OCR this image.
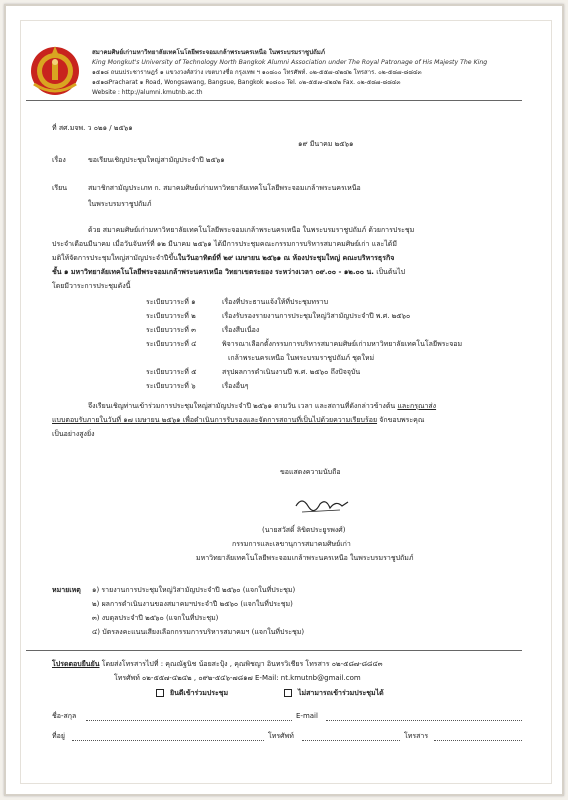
สมาคมศิษย์เก่ามหาวิทยาลัยเทคโนโลยีพระจอมเกล้าพระนครเหนือ ในพระบรมราชูปถัมภ์
King Mongkut's University of Technology North Bangkok Alumni Association under The Royal Patronage of His Majesty The King
๑๕๑๘ ถนนประชาราษฎร์ ๑ แขวงวงศ์สว่าง เขตบางซื่อ กรุงเทพ ฯ ๑๐๘๐๐ โทรศัพท์. ๐๒-๕๕๗-๔๒๔๒ โทรสาร. ๐๒-๕๘๗-๘๘๔๓
๑๕๑๘Pracharat ๑ Road, Wongsawang, Bangsue, Bangkok ๑๐๘๐๐ Tel. ๐๒-๕๕๗-๔๒๔๒ Fax. ๐๒-๕๘๗-๘๘๔๓
Website : http://alumni.kmutnb.ac.th
ที่ สศ.มจพ. ว ๐๒๑ / ๒๕๖๑
๑๙ มีนาคม ๒๕๖๑
เรื่อง	ขอเรียนเชิญประชุมใหญ่สามัญประจำปี ๒๕๖๑
เรียน	สมาชิกสามัญประเภท ก. สมาคมศิษย์เก่ามหาวิทยาลัยเทคโนโลยีพระจอมเกล้าพระนครเหนือ
ในพระบรมราชูปถัมภ์
ด้วย สมาคมศิษย์เก่ามหาวิทยาลัยเทคโนโลยีพระจอมเกล้าพระนครเหนือ ในพระบรมราชูปถัมภ์ ด้วยการประชุม
ประจำเดือนมีนาคม เมื่อวันจันทร์ที่ ๑๒ มีนาคม ๒๕๖๑ ได้มีการประชุมคณะกรรมการบริหารสมาคมศิษย์เก่า และได้มี
มติให้จัดการประชุมใหญ่สามัญประจำปีขึ้นในวันอาทิตย์ที่ ๒๙ เมษายน ๒๕๖๑ ณ ห้องประชุมใหญ่ คณะบริหารธุรกิจ
ชั้น ๑ มหาวิทยาลัยเทคโนโลยีพระจอมเกล้าพระนครเหนือ วิทยาเขตระยอง ระหว่างเวลา ๐๙.๐๐ - ๑๒.๐๐ น. เป็นต้นไป
โดยมีวาระการประชุมดังนี้
ระเบียบวาระที่ ๑	เรื่องที่ประธานแจ้งให้ที่ประชุมทราบ
ระเบียบวาระที่ ๒	เรื่องรับรองรายงานการประชุมใหญ่วิสามัญประจำปี พ.ศ. ๒๕๖๐
ระเบียบวาระที่ ๓	เรื่องสืบเนื่อง
ระเบียบวาระที่ ๔	พิจารณาเลือกตั้งกรรมการบริหารสมาคมศิษย์เก่ามหาวิทยาลัยเทคโนโลยีพระจอม
เกล้าพระนครเหนือ ในพระบรมราชูปถัมภ์ ชุดใหม่
ระเบียบวาระที่ ๕	สรุปผลการดำเนินงานปี พ.ศ. ๒๕๖๐ ถึงปัจจุบัน
ระเบียบวาระที่ ๖	เรื่องอื่นๆ
จึงเรียนเชิญท่านเข้าร่วมการประชุมใหญ่สามัญประจำปี ๒๕๖๑ ตามวัน เวลา และสถานที่ดังกล่าวข้างต้น และกรุณาส่ง
แบบตอบรับภายในวันที่ ๑๗ เมษายน ๒๕๖๑ เพื่อดำเนินการรับรองและจัดการสถานที่เป็นไปด้วยความเรียบร้อย จักขอบพระคุณ
เป็นอย่างสูงยิ่ง
ขอแสดงความนับถือ
(นายสวัสดิ์ ลิขิตประยูรพงศ์)
กรรมการและเลขานุการสมาคมศิษย์เก่า
มหาวิทยาลัยเทคโนโลยีพระจอมเกล้าพระนครเหนือ ในพระบรมราชูปถัมภ์
หมายเหตุ ๑) รายงานการประชุมใหญ่วิสามัญประจำปี ๒๕๖๐ (แจกในที่ประชุม)
๒) ผลการดำเนินงานของสมาคมฯประจำปี ๒๕๖๐ (แจกในที่ประชุม)
๓) งบดุลประจำปี ๒๕๖๐ (แจกในที่ประชุม)
๔) บัตรลงคะแนนเสียงเลือกกรรมการบริหารสมาคมฯ (แจกในที่ประชุม)
โปรดตอบยืนยัน โดยส่งโทรสารไปที่ : คุณณัฐนิช น้อยสะปุ้ง , คุณพิชญา อินทรวิเชียร โทรสาร ๐๒-๕๘๗-๘๘๔๓
โทรศัพท์ ๐๒-๕๕๗-๔๒๔๒ , ๐๙๒-๕๔๖-๗๘๑๗ E-Mail: nt.kmutnb@gmail.com
ยินดีเข้าร่วมประชุม	ไม่สามารถเข้าร่วมประชุมได้
ชื่อ-สกุล	E-mail
ที่อยู่	โทรศัพท์	โทรสาร
